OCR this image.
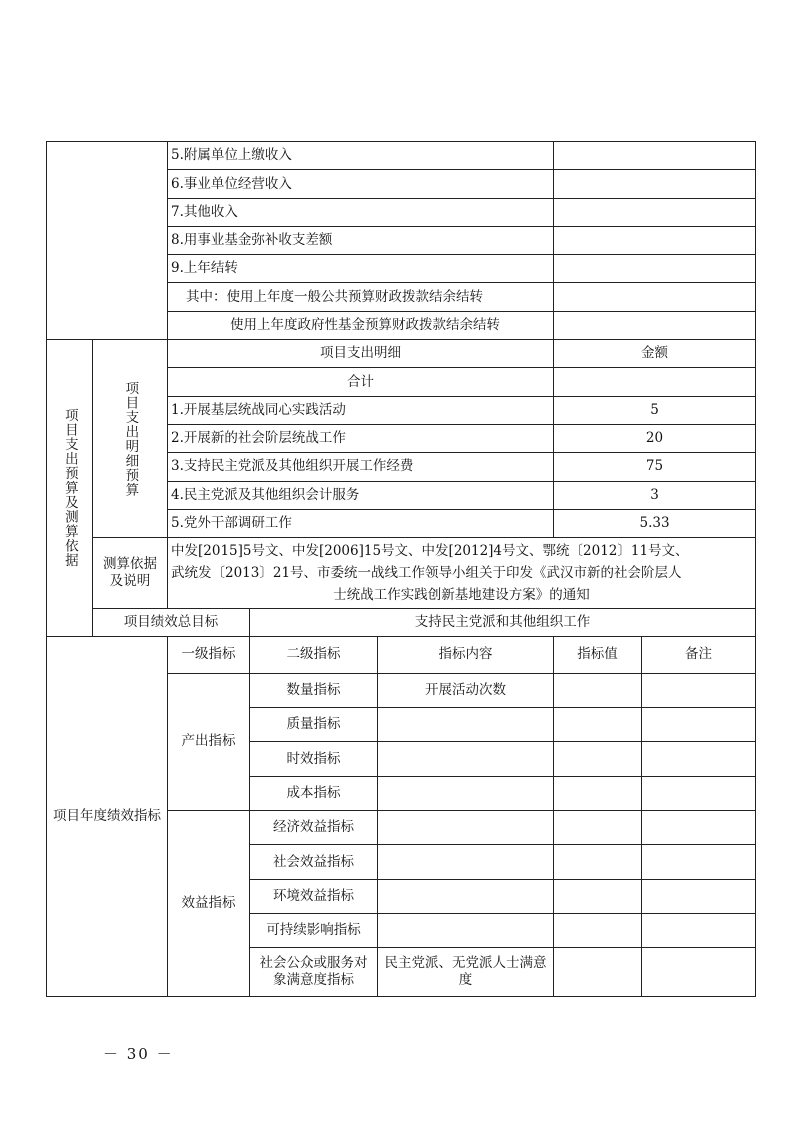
		5.附属单位上缴收入				
		6.事业单位经营收入				
		7.其他收入				
		8.用事业基金弥补收支差额				
		9.上年结转				
		其中：使用上年度一般公共预算财政拨款结余结转				
		使用上年度政府性基金预算财政拨款结余结转				

项目支出预算及测算依据	项目支出明细预算	项目支出明细			金额	
		合计				
		1.开展基层统战同心实践活动			5	
		2.开展新的社会阶层统战工作			20	
		3.支持民主党派及其他组织开展工作经费			75	
		4.民主党派及其他组织会计服务			3	
		5.党外干部调研工作			5.33	
	测算依据及说明	中发[2015]5号文、中发[2006]15号文、中发[2012]4号文、鄂统〔2012〕11号文、
武统发〔2013〕21号、市委统一战线工作领导小组关于印发《武汉市新的社会阶层人
士统战工作实践创新基地建设方案》的通知				

	项目绩效总目标		支持民主党派和其他组织工作			
项目年度绩效指标		一级指标	二级指标	指标内容	指标值	备注
		产出指标	数量指标	开展活动次数		
			质量指标			
			时效指标			
			成本指标			
		效益指标	经济效益指标			
			社会效益指标			
			环境效益指标			
			可持续影响指标			
			社会公众或服务对象满意度指标	民主党派、无党派人士满意度		
－ 30 －
